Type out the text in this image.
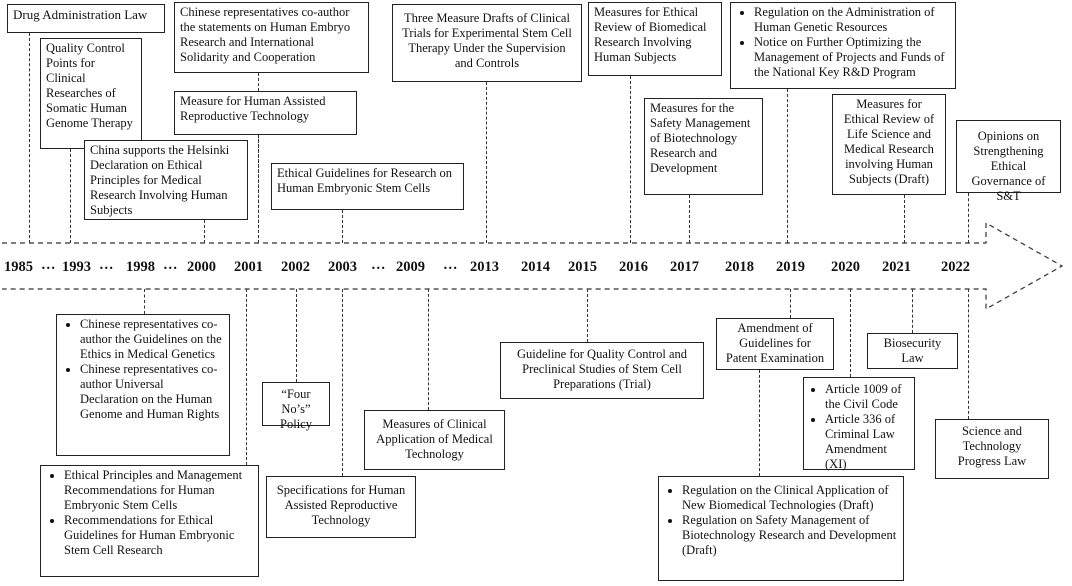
1985 … 1993 … 1998 … 2000 2001 2002 2003 … 2009 … 2013 2014 2015 2016 2017 2018 2019 2020 2021 2022
Drug Administration Law
Quality Control Points for Clinical Researches of Somatic Human Genome Therapy
China supports the Helsinki Declaration on Ethical Principles for Medical Research Involving Human Subjects
Chinese representatives co-author the statements on Human Embryo Research and International Solidarity and Cooperation
Measure for Human Assisted Reproductive Technology
Ethical Guidelines for Research on Human Embryonic Stem Cells
Three Measure Drafts of Clinical Trials for Experimental Stem Cell Therapy Under the Supervision and Controls
Measures for Ethical Review of Biomedical Research Involving Human Subjects
Measures for the Safety Management of Biotechnology Research and Development
• Regulation on the Administration of Human Genetic Resources
• Notice on Further Optimizing the Management of Projects and Funds of the National Key R&D Program
Measures for Ethical Review of Life Science and Medical Research involving Human Subjects (Draft)
Opinions on Strengthening Ethical Governance of S&T
• Chinese representatives co-author the Guidelines on the Ethics in Medical Genetics
• Chinese representatives co-author Universal Declaration on the Human Genome and Human Rights
• Ethical Principles and Management Recommendations for Human Embryonic Stem Cells
• Recommendations for Ethical Guidelines for Human Embryonic Stem Cell Research
“Four No’s” Policy
Specifications for Human Assisted Reproductive Technology
Measures of Clinical Application of Medical Technology
Guideline for Quality Control and Preclinical Studies of Stem Cell Preparations (Trial)
Amendment of Guidelines for Patent Examination
• Regulation on the Clinical Application of New Biomedical Technologies (Draft)
• Regulation on Safety Management of Biotechnology Research and Development (Draft)
• Article 1009 of the Civil Code
• Article 336 of Criminal Law Amendment (XI)
Biosecurity Law
Science and Technology Progress Law
